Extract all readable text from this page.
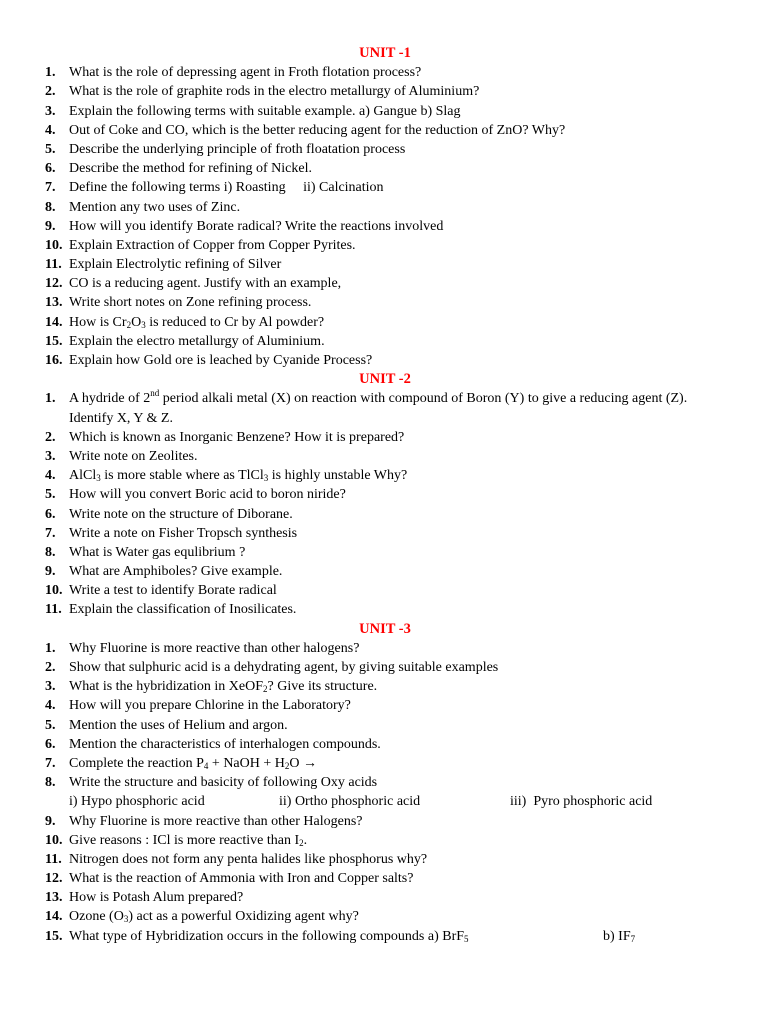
UNIT -1
1. What is the role of depressing agent in Froth flotation process?
2. What is the role of graphite rods in the electro metallurgy of Aluminium?
3. Explain the following terms with suitable example. a) Gangue b) Slag
4. Out of Coke and CO, which is the better reducing agent for the reduction of ZnO? Why?
5. Describe the underlying principle of froth floatation process
6. Describe the method for refining of Nickel.
7. Define the following terms i) Roasting     ii) Calcination
8. Mention any two uses of Zinc.
9. How will you identify Borate radical? Write the reactions involved
10. Explain Extraction of Copper from Copper Pyrites.
11. Explain Electrolytic refining of Silver
12. CO is a reducing agent. Justify with an example,
13. Write short notes on Zone refining process.
14. How is $Cr_2O_3$ is reduced to Cr by Al powder?
15. Explain the electro metallurgy of Aluminium.
16. Explain how Gold ore is leached by Cyanide Process?
UNIT -2
1. A hydride of 2nd period alkali metal (X) on reaction with compound of Boron (Y) to give a reducing agent (Z). Identify X, Y & Z.
2. Which is known as Inorganic Benzene? How it is prepared?
3. Write note on Zeolites.
4. AlCl$_3$ is more stable where as TlCl$_3$ is highly unstable Why?
5. How will you convert Boric acid to boron niride?
6. Write note on the structure of Diborane.
7. Write a note on Fisher Tropsch synthesis
8. What is Water gas equlibrium ?
9. What are Amphiboles? Give example.
10. Write a test to identify Borate radical
11. Explain the classification of Inosilicates.
UNIT -3
1. Why Fluorine is more reactive than other halogens?
2. Show that sulphuric acid is a dehydrating agent, by giving suitable examples
3. What is the hybridization in XeOF$_2$? Give its structure.
4. How will you prepare Chlorine in the Laboratory?
5. Mention the uses of Helium and argon.
6. Mention the characteristics of interhalogen compounds.
7. Complete the reaction $P_4$ + NaOH + $H_2O$ →
8. Write the structure and basicity of following Oxy acids
i) Hypo phosphoric acid	ii) Ortho phosphoric acid	iii)  Pyro phosphoric acid
9. Why Fluorine is more reactive than other Halogens?
10. Give reasons : ICl is more reactive than $I_2$.
11. Nitrogen does not form any penta halides like phosphorus why?
12. What is the reaction of Ammonia with Iron and Copper salts?
13. How is Potash Alum prepared?
14. Ozone $(O_3)$ act as a powerful Oxidizing agent why?
15. What type of Hybridization occurs in the following compounds a) BrF$_5$	b) $IF_7$
